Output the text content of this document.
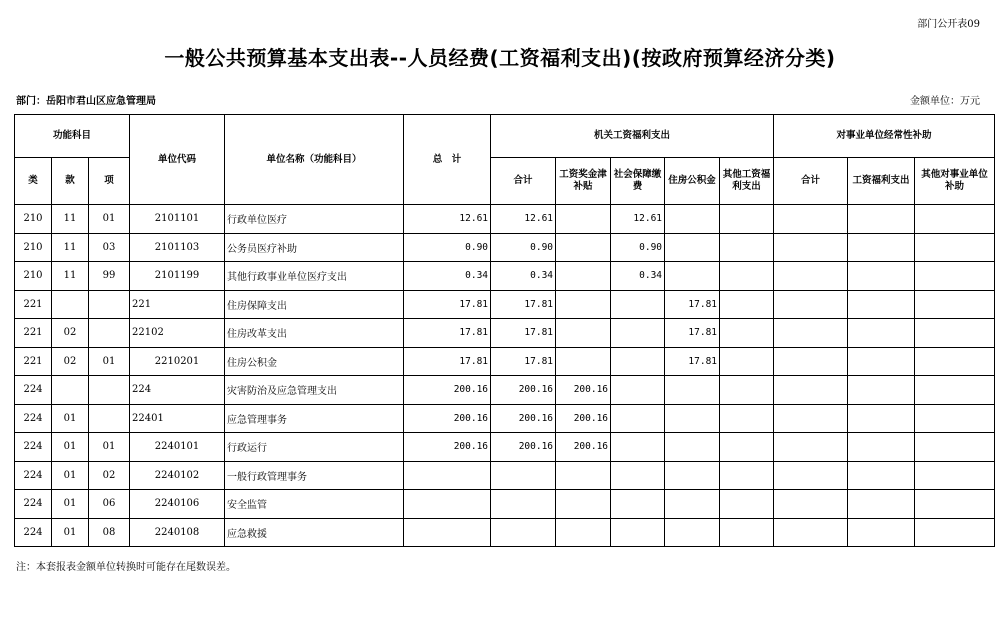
部门公开表09
一般公共预算基本支出表--人员经费(工资福利支出)(按政府预算经济分类)
部门：岳阳市君山区应急管理局	金额单位：万元
功能科目			单位代码	单位名称（功能科目）	总　计	机关工资福利支出					对事业单位经常性补助		
类	款	项				合计	工资奖金津补贴	社会保障缴费	住房公积金	其他工资福利支出	合计	工资福利支出	其他对事业单位补助
210	11	01	2101101	行政单位医疗	12.61	12.61		12.61					
210	11	03	2101103	公务员医疗补助	0.90	0.90		0.90					
210	11	99	2101199	其他行政事业单位医疗支出	0.34	0.34		0.34					
221			221	住房保障支出	17.81	17.81			17.81				
221	02		22102	住房改革支出	17.81	17.81			17.81				
221	02	01	2210201	住房公积金	17.81	17.81			17.81				
224			224	灾害防治及应急管理支出	200.16	200.16	200.16						
224	01		22401	应急管理事务	200.16	200.16	200.16						
224	01	01	2240101	行政运行	200.16	200.16	200.16						
224	01	02	2240102	一般行政管理事务									
224	01	06	2240106	安全监管									
224	01	08	2240108	应急救援									
注：本套报表金额单位转换时可能存在尾数误差。
